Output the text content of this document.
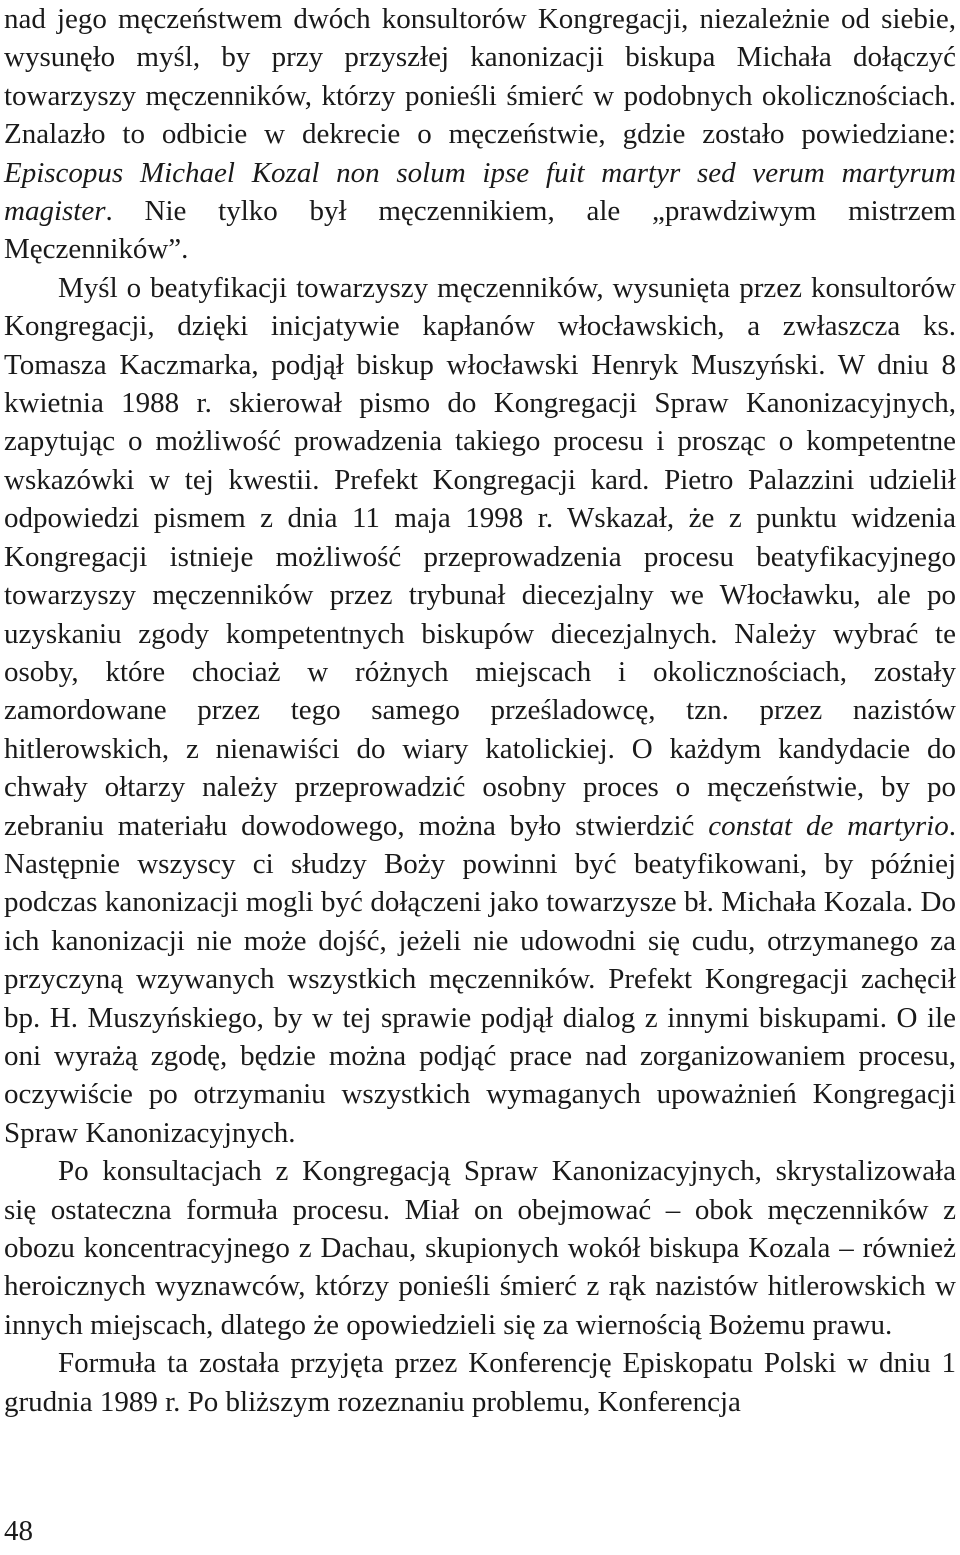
nad jego męczeństwem dwóch konsultorów Kongregacji, niezależnie od siebie, wysunęło myśl, by przy przyszłej kanonizacji biskupa Michała dołączyć towarzyszy męczenników, którzy ponieśli śmierć w podobnych okolicznościach. Znalazło to odbicie w dekrecie o męczeństwie, gdzie zostało powiedziane: Episcopus Michael Kozal non solum ipse fuit martyr sed verum martyrum magister. Nie tylko był męczennikiem, ale „prawdziwym mistrzem Męczenników”.

Myśl o beatyfikacji towarzyszy męczenników, wysunięta przez konsultorów Kongregacji, dzięki inicjatywie kapłanów włocławskich, a zwłaszcza ks. Tomasza Kaczmarka, podjął biskup włocławski Henryk Muszyński. W dniu 8 kwietnia 1988 r. skierował pismo do Kongregacji Spraw Kanonizacyjnych, zapytując o możliwość prowadzenia takiego procesu i prosząc o kompetentne wskazówki w tej kwestii. Prefekt Kongregacji kard. Pietro Palazzini udzielił odpowiedzi pismem z dnia 11 maja 1998 r. Wskazał, że z punktu widzenia Kongregacji istnieje możliwość przeprowadzenia procesu beatyfikacyjnego towarzyszy męczenników przez trybunał diecezjalny we Włocławku, ale po uzyskaniu zgody kompetentnych biskupów diecezjalnych. Należy wybrać te osoby, które chociaż w różnych miejscach i okolicznościach, zostały zamordowane przez tego samego prześladowcę, tzn. przez nazistów hitlerowskich, z nienawiści do wiary katolickiej. O każdym kandydacie do chwały ołtarzy należy przeprowadzić osobny proces o męczeństwie, by po zebraniu materiału dowodowego, można było stwierdzić constat de martyrio. Następnie wszyscy ci słudzy Boży powinni być beatyfikowani, by później podczas kanonizacji mogli być dołączeni jako towarzysze bł. Michała Kozala. Do ich kanonizacji nie może dojść, jeżeli nie udowodni się cudu, otrzymanego za przyczyną wzywanych wszystkich męczenników. Prefekt Kongregacji zachęcił bp. H. Muszyńskiego, by w tej sprawie podjął dialog z innymi biskupami. O ile oni wyrażą zgodę, będzie można podjąć prace nad zorganizowaniem procesu, oczywiście po otrzymaniu wszystkich wymaganych upoważnień Kongregacji Spraw Kanonizacyjnych.

Po konsultacjach z Kongregacją Spraw Kanonizacyjnych, skrystalizowała się ostateczna formuła procesu. Miał on obejmować – obok męczenników z obozu koncentracyjnego z Dachau, skupionych wokół biskupa Kozala – również heroicznych wyznawców, którzy ponieśli śmierć z rąk nazistów hitlerowskich w innych miejscach, dlatego że opowiedzieli się za wiernością Bożemu prawu.

Formuła ta została przyjęta przez Konferencję Episkopatu Polski w dniu 1 grudnia 1989 r. Po bliższym rozeznaniu problemu, Konferencja

48
